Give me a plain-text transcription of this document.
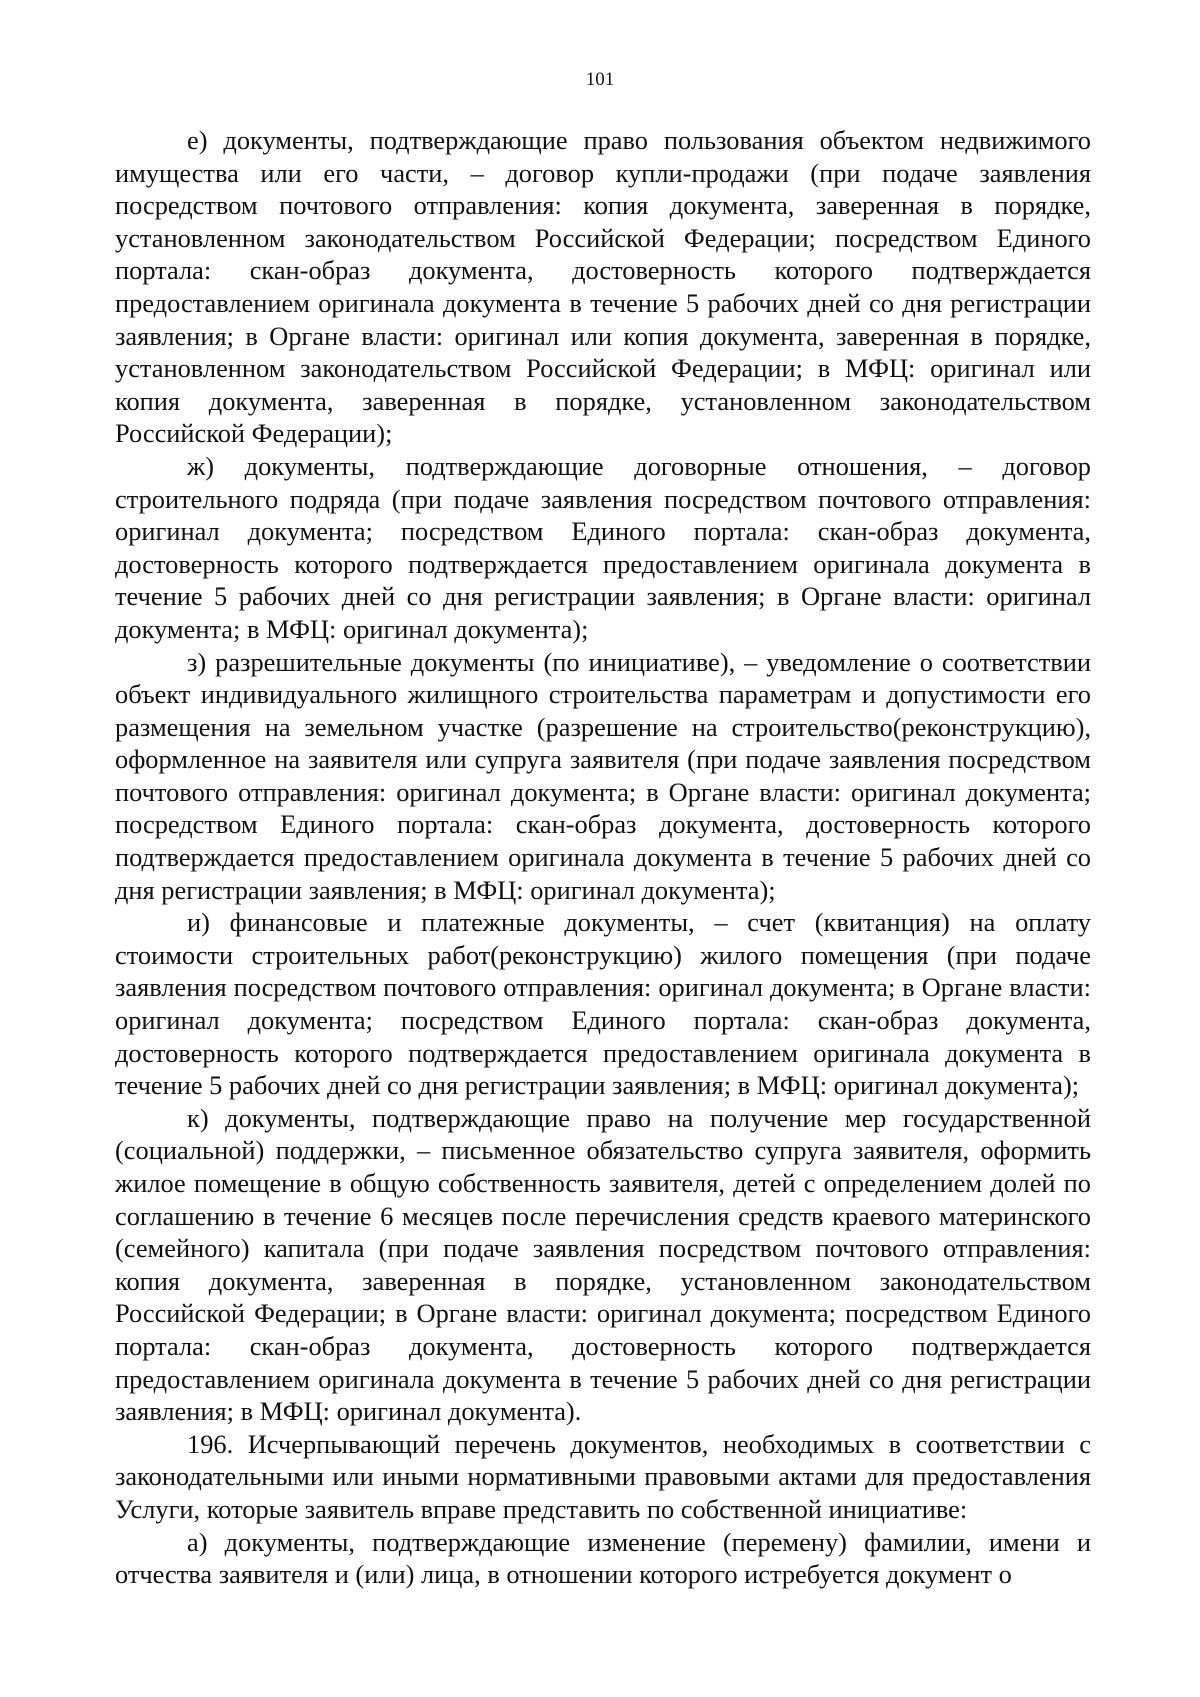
101

е) документы, подтверждающие право пользования объектом недвижимого имущества или его части, – договор купли-продажи (при подаче заявления посредством почтового отправления: копия документа, заверенная в порядке, установленном законодательством Российской Федерации; посредством Единого портала: скан-образ документа, достоверность которого подтверждается предоставлением оригинала документа в течение 5 рабочих дней со дня регистрации заявления; в Органе власти: оригинал или копия документа, заверенная в порядке, установленном законодательством Российской Федерации; в МФЦ: оригинал или копия документа, заверенная в порядке, установленном законодательством Российской Федерации);

ж) документы, подтверждающие договорные отношения, – договор строительного подряда (при подаче заявления посредством почтового отправления: оригинал документа; посредством Единого портала: скан-образ документа, достоверность которого подтверждается предоставлением оригинала документа в течение 5 рабочих дней со дня регистрации заявления; в Органе власти: оригинал документа; в МФЦ: оригинал документа);

з) разрешительные документы (по инициативе), – уведомление о соответствии объект индивидуального жилищного строительства параметрам и допустимости его размещения на земельном участке (разрешение на строительство(реконструкцию), оформленное на заявителя или супруга заявителя (при подаче заявления посредством почтового отправления: оригинал документа; в Органе власти: оригинал документа; посредством Единого портала: скан-образ документа, достоверность которого подтверждается предоставлением оригинала документа в течение 5 рабочих дней со дня регистрации заявления; в МФЦ: оригинал документа);

и) финансовые и платежные документы, – счет (квитанция) на оплату стоимости строительных работ(реконструкцию) жилого помещения (при подаче заявления посредством почтового отправления: оригинал документа; в Органе власти: оригинал документа; посредством Единого портала: скан-образ документа, достоверность которого подтверждается предоставлением оригинала документа в течение 5 рабочих дней со дня регистрации заявления; в МФЦ: оригинал документа);

к) документы, подтверждающие право на получение мер государственной (социальной) поддержки, – письменное обязательство супруга заявителя, оформить жилое помещение в общую собственность заявителя, детей с определением долей по соглашению в течение 6 месяцев после перечисления средств краевого материнского (семейного) капитала (при подаче заявления посредством почтового отправления: копия документа, заверенная в порядке, установленном законодательством Российской Федерации; в Органе власти: оригинал документа; посредством Единого портала: скан-образ документа, достоверность которого подтверждается предоставлением оригинала документа в течение 5 рабочих дней со дня регистрации заявления; в МФЦ: оригинал документа).

196. Исчерпывающий перечень документов, необходимых в соответствии с законодательными или иными нормативными правовыми актами для предоставления Услуги, которые заявитель вправе представить по собственной инициативе:

а) документы, подтверждающие изменение (перемену) фамилии, имени и отчества заявителя и (или) лица, в отношении которого истребуется документ о
